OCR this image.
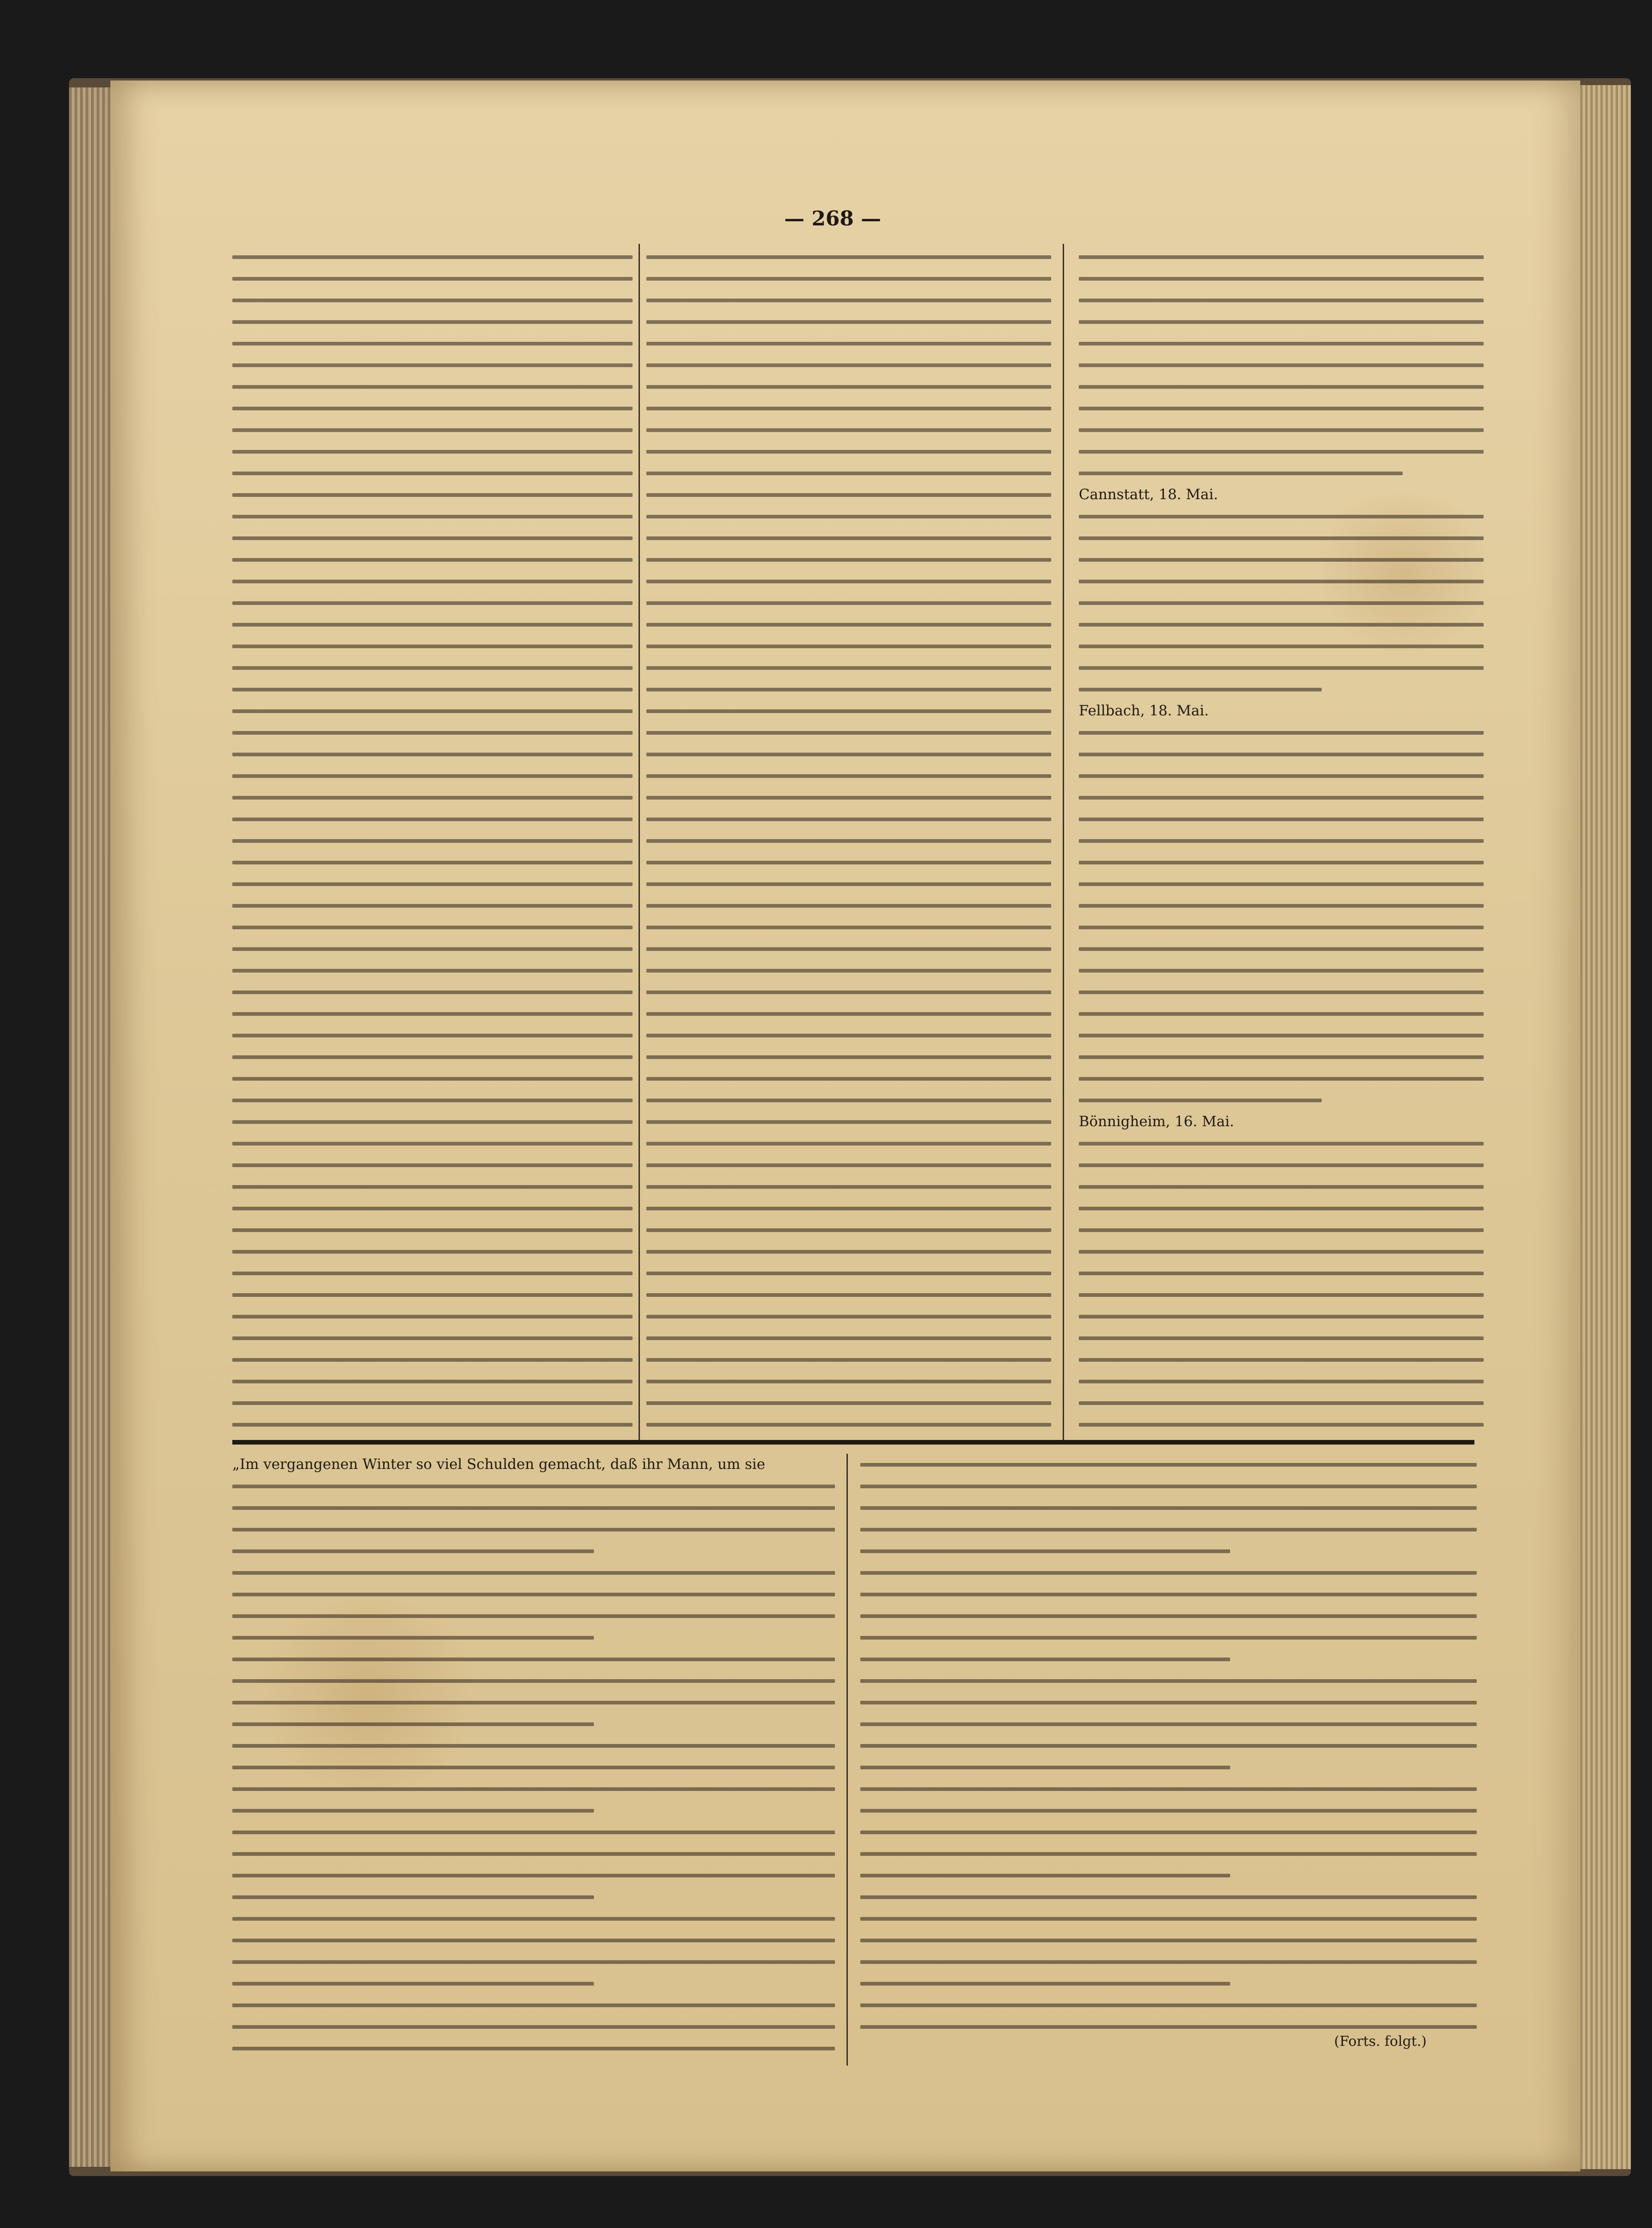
— 268 —
Cannstatt, 18. Mai.
Fellbach, 18. Mai.
Bönnigheim, 16. Mai.
„Im vergangenen Winter so viel Schulden gemacht, daß ihr Mann, um sie
(Forts. folgt.)
